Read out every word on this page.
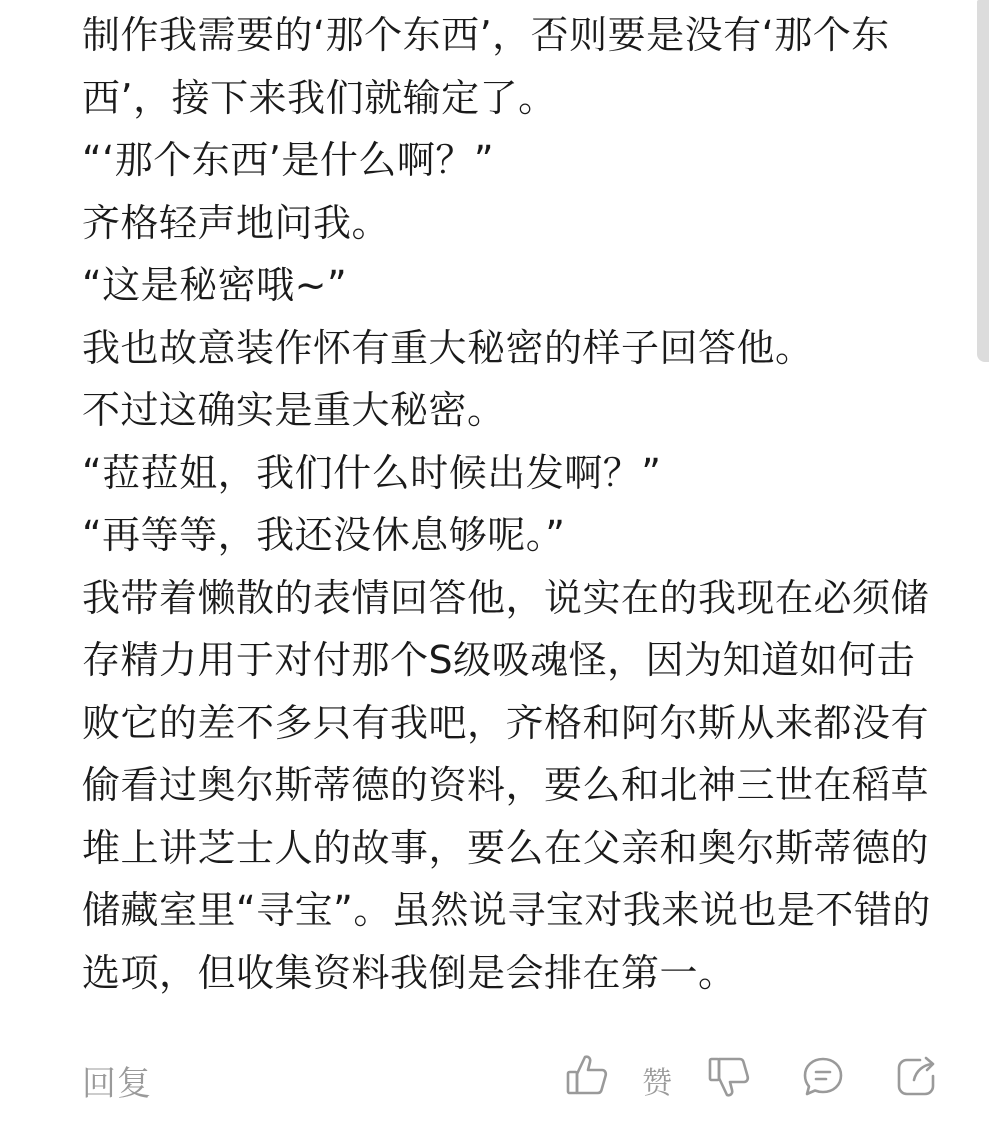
制作我需要的‘那个东西’，否则要是没有‘那个东西’，接下来我们就输定了。

“‘那个东西’是什么啊？”

齐格轻声地问我。

“这是秘密哦~”

我也故意装作怀有重大秘密的样子回答他。

不过这确实是重大秘密。

“菈菈姐，我们什么时候出发啊？”

“再等等，我还没休息够呢。”

我带着懒散的表情回答他，说实在的我现在必须储存精力用于对付那个S级吸魂怪，因为知道如何击败它的差不多只有我吧，齐格和阿尔斯从来都没有偷看过奥尔斯蒂德的资料，要么和北神三世在稻草堆上讲芝士人的故事，要么在父亲和奥尔斯蒂德的储藏室里“寻宝”。虽然说寻宝对我来说也是不错的选项，但收集资料我倒是会排在第一。

回复	赞
